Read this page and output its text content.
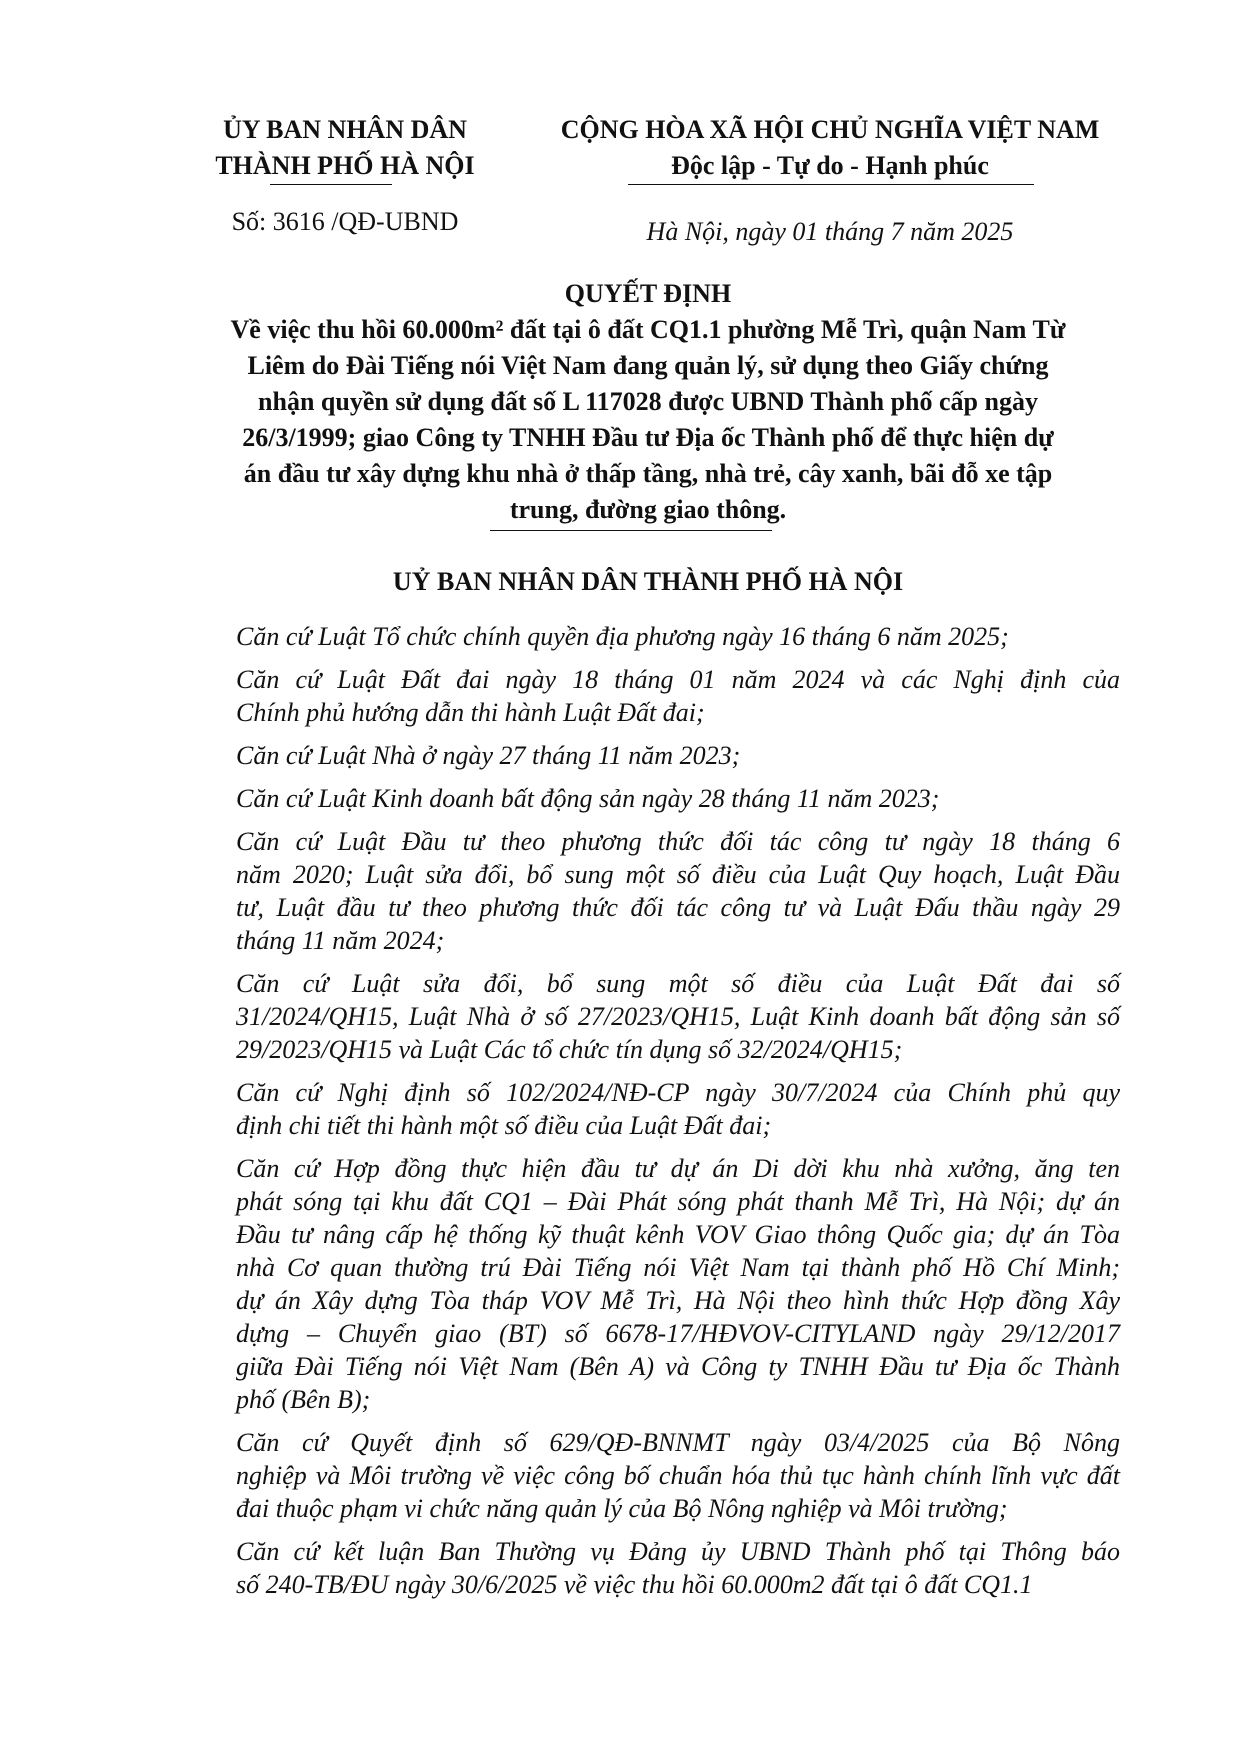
ỦY BAN NHÂN DÂN
THÀNH PHỐ HÀ NỘI
Số: 3616 /QĐ-UBND
CỘNG HÒA XÃ HỘI CHỦ NGHĨA VIỆT NAM
Độc lập - Tự do - Hạnh phúc
Hà Nội, ngày 01 tháng 7 năm 2025
QUYẾT ĐỊNH
Về việc thu hồi 60.000m² đất tại ô đất CQ1.1 phường Mễ Trì, quận Nam Từ
Liêm do Đài Tiếng nói Việt Nam đang quản lý, sử dụng theo Giấy chứng
nhận quyền sử dụng đất số L 117028 được UBND Thành phố cấp ngày
26/3/1999; giao Công ty TNHH Đầu tư Địa ốc Thành phố để thực hiện dự
án đầu tư xây dựng khu nhà ở thấp tầng, nhà trẻ, cây xanh, bãi đỗ xe tập
trung, đường giao thông.
UỶ BAN NHÂN DÂN THÀNH PHỐ HÀ NỘI

Căn cứ Luật Tổ chức chính quyền địa phương ngày 16 tháng 6 năm 2025;

Căn cứ Luật Đất đai ngày 18 tháng 01 năm 2024 và các Nghị định của
Chính phủ hướng dẫn thi hành Luật Đất đai;

Căn cứ Luật Nhà ở ngày 27 tháng 11 năm 2023;

Căn cứ Luật Kinh doanh bất động sản ngày 28 tháng 11 năm 2023;

Căn cứ Luật Đầu tư theo phương thức đối tác công tư ngày 18 tháng 6
năm 2020; Luật sửa đổi, bổ sung một số điều của Luật Quy hoạch, Luật Đầu
tư, Luật đầu tư theo phương thức đối tác công tư và Luật Đấu thầu ngày 29
tháng 11 năm 2024;

Căn cứ Luật sửa đổi, bổ sung một số điều của Luật Đất đai số
31/2024/QH15, Luật Nhà ở số 27/2023/QH15, Luật Kinh doanh bất động sản số
29/2023/QH15 và Luật Các tổ chức tín dụng số 32/2024/QH15;

Căn cứ Nghị định số 102/2024/NĐ-CP ngày 30/7/2024 của Chính phủ quy
định chi tiết thi hành một số điều của Luật Đất đai;

Căn cứ Hợp đồng thực hiện đầu tư dự án Di dời khu nhà xưởng, ăng ten
phát sóng tại khu đất CQ1 – Đài Phát sóng phát thanh Mễ Trì, Hà Nội; dự án
Đầu tư nâng cấp hệ thống kỹ thuật kênh VOV Giao thông Quốc gia; dự án Tòa
nhà Cơ quan thường trú Đài Tiếng nói Việt Nam tại thành phố Hồ Chí Minh;
dự án Xây dựng Tòa tháp VOV Mễ Trì, Hà Nội theo hình thức Hợp đồng Xây
dựng – Chuyển giao (BT) số 6678-17/HĐVOV-CITYLAND ngày 29/12/2017
giữa Đài Tiếng nói Việt Nam (Bên A) và Công ty TNHH Đầu tư Địa ốc Thành
phố (Bên B);

Căn cứ Quyết định số 629/QĐ-BNNMT ngày 03/4/2025 của Bộ Nông
nghiệp và Môi trường về việc công bố chuẩn hóa thủ tục hành chính lĩnh vực đất
đai thuộc phạm vi chức năng quản lý của Bộ Nông nghiệp và Môi trường;

Căn cứ kết luận Ban Thường vụ Đảng ủy UBND Thành phố tại Thông báo
số 240-TB/ĐU ngày 30/6/2025 về việc thu hồi 60.000m2 đất tại ô đất CQ1.1
